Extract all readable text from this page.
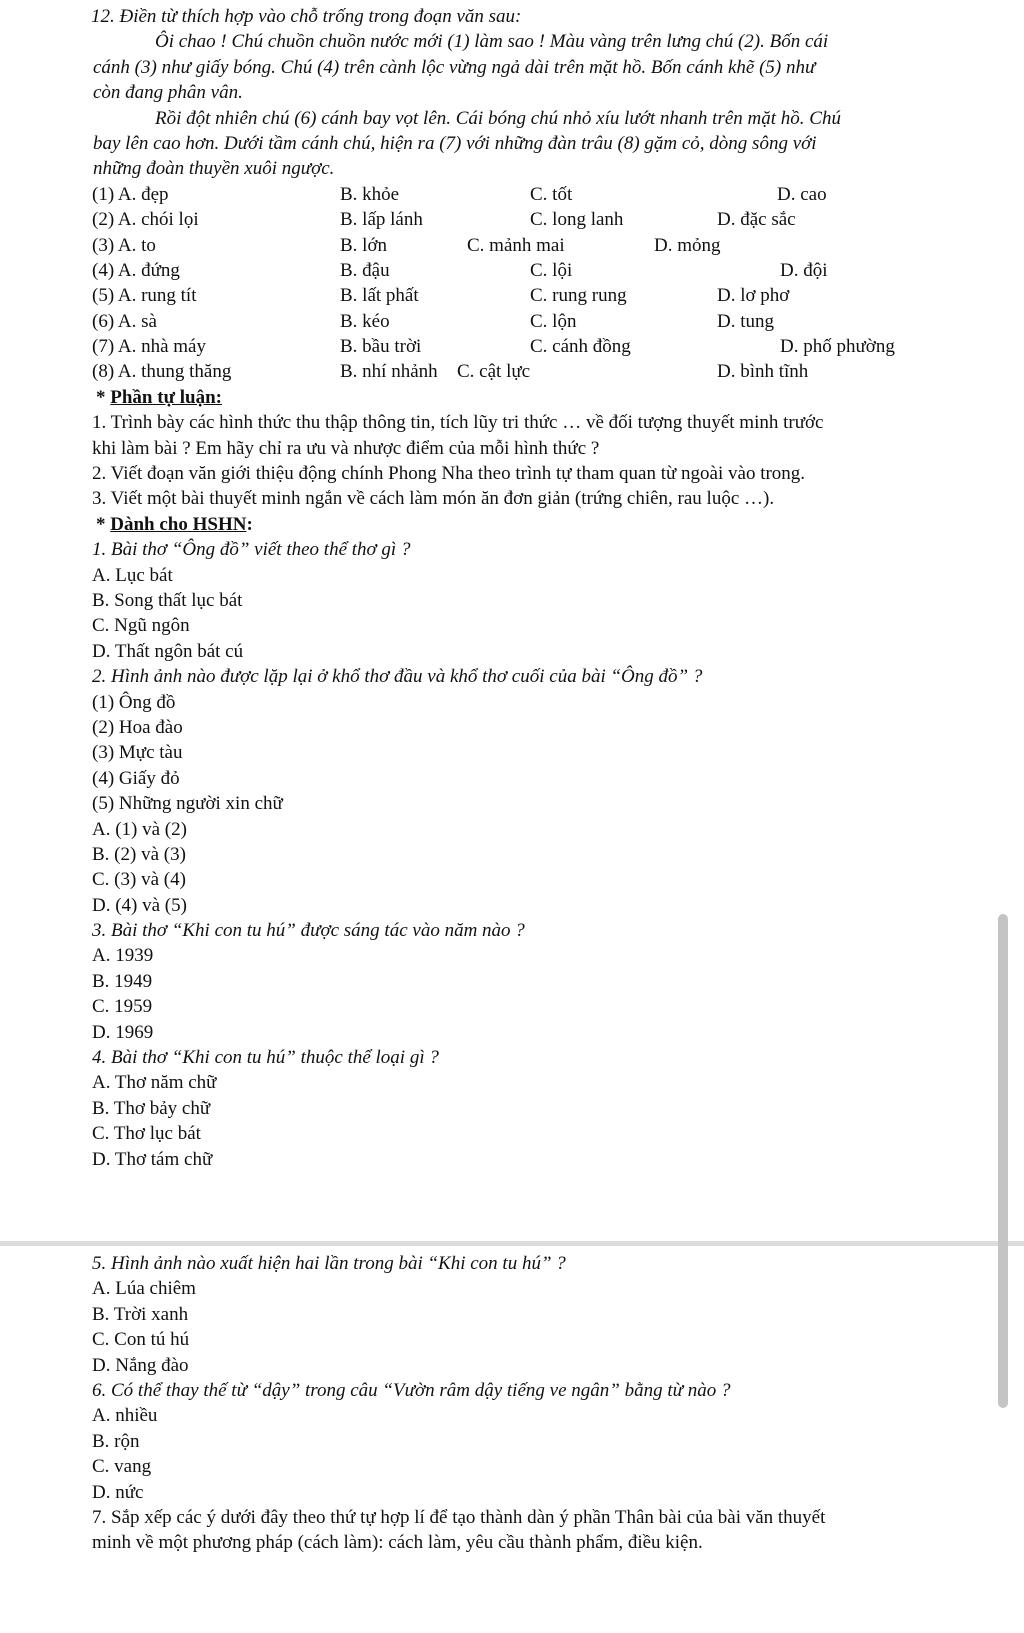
12. Điền từ thích hợp vào chỗ trống trong đoạn văn sau:
Ôi chao ! Chú chuồn chuồn nước mới (1) làm sao ! Màu vàng trên lưng chú (2). Bốn cái
cánh (3) như giấy bóng. Chú (4) trên cành lộc vừng ngả dài trên mặt hồ. Bốn cánh khẽ (5) như
còn đang phân vân.
Rồi đột nhiên chú (6) cánh bay vọt lên. Cái bóng chú nhỏ xíu lướt nhanh trên mặt hồ. Chú
bay lên cao hơn. Dưới tầm cánh chú, hiện ra (7) với những đàn trâu (8) gặm cỏ, dòng sông với
những đoàn thuyền xuôi ngược.
(1) A. đẹp	B. khỏe	C. tốt	D. cao
(2) A. chói lọi	B. lấp lánh	C. long lanh	D. đặc sắc
(3) A. to	B. lớn	C. mảnh mai	D. mỏng
(4) A. đứng	B. đậu	C. lội	D. đội
(5) A. rung tít	B. lất phất	C. rung rung	D. lơ phơ
(6) A. sà	B. kéo	C. lộn	D. tung
(7) A. nhà máy	B. bầu trời	C. cánh đồng	D. phố phường
(8) A. thung thăng	B. nhí nhảnh C. cật lực	D. bình tĩnh
* Phần tự luận:
1. Trình bày các hình thức thu thập thông tin, tích lũy tri thức … về đối tượng thuyết minh trước
khi làm bài ? Em hãy chỉ ra ưu và nhược điểm của mỗi hình thức ?
2. Viết đoạn văn giới thiệu động chính Phong Nha theo trình tự tham quan từ ngoài vào trong.
3. Viết một bài thuyết minh ngắn về cách làm món ăn đơn giản (trứng chiên, rau luộc …).
* Dành cho HSHN:
1. Bài thơ “Ông đồ” viết theo thể thơ gì ?
A. Lục bát
B. Song thất lục bát
C. Ngũ ngôn
D. Thất ngôn bát cú
2. Hình ảnh nào được lặp lại ở khổ thơ đầu và khổ thơ cuối của bài “Ông đồ” ?
(1) Ông đồ
(2) Hoa đào
(3) Mực tàu
(4) Giấy đỏ
(5) Những người xin chữ
A. (1) và (2)
B. (2) và (3)
C. (3) và (4)
D. (4) và (5)
3. Bài thơ “Khi con tu hú” được sáng tác vào năm nào ?
A. 1939
B. 1949
C. 1959
D. 1969
4. Bài thơ “Khi con tu hú” thuộc thể loại gì ?
A. Thơ năm chữ
B. Thơ bảy chữ
C. Thơ lục bát
D. Thơ tám chữ
5. Hình ảnh nào xuất hiện hai lần trong bài “Khi con tu hú” ?
A. Lúa chiêm
B. Trời xanh
C. Con tú hú
D. Nắng đào
6. Có thể thay thế từ “dậy” trong câu “Vườn râm dậy tiếng ve ngân” bằng từ nào ?
A. nhiều
B. rộn
C. vang
D. nức
7. Sắp xếp các ý dưới đây theo thứ tự hợp lí để tạo thành dàn ý phần Thân bài của bài văn thuyết
minh về một phương pháp (cách làm): cách làm, yêu cầu thành phẩm, điều kiện.
